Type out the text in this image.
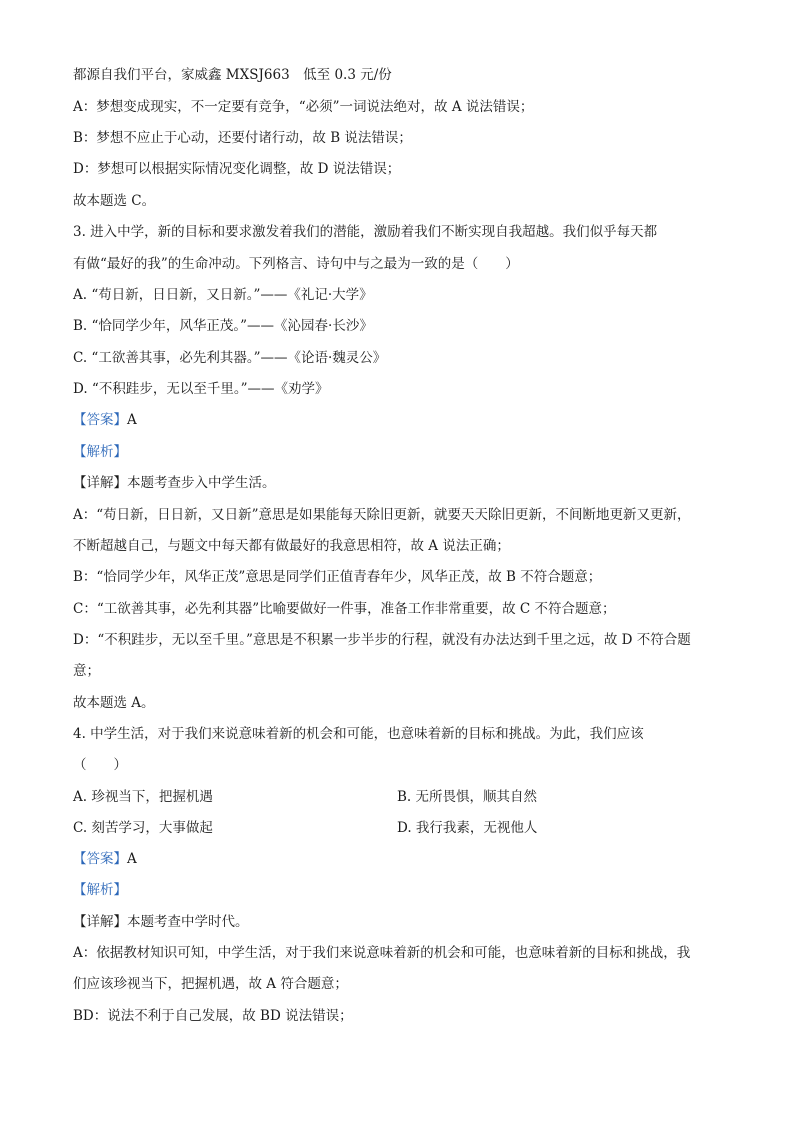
都源自我们平台，家威鑫 MXSJ663　低至 0.3 元/份
A：梦想变成现实，不一定要有竞争，“必须”一词说法绝对，故 A 说法错误；
B：梦想不应止于心动，还要付诸行动，故 B 说法错误；
D：梦想可以根据实际情况变化调整，故 D 说法错误；
故本题选 C。
3. 进入中学，新的目标和要求激发着我们的潜能，激励着我们不断实现自我超越。我们似乎每天都
有做“最好的我”的生命冲动。下列格言、诗句中与之最为一致的是（　　）
A. “苟日新，日日新，又日新。”——《礼记·大学》
B. “恰同学少年，风华正茂。”——《沁园春·长沙》
C. “工欲善其事，必先利其器。”——《论语·魏灵公》
D. “不积跬步，无以至千里。”——《劝学》
【答案】A
【解析】
【详解】本题考查步入中学生活。
A：“苟日新，日日新，又日新”意思是如果能每天除旧更新，就要天天除旧更新，不间断地更新又更新，
不断超越自己，与题文中每天都有做最好的我意思相符，故 A 说法正确；
B：“恰同学少年，风华正茂”意思是同学们正值青春年少，风华正茂，故 B 不符合题意；
C：“工欲善其事，必先利其器”比喻要做好一件事，准备工作非常重要，故 C 不符合题意；
D：“不积跬步，无以至千里。”意思是不积累一步半步的行程，就没有办法达到千里之远，故 D 不符合题
意；
故本题选 A。
4. 中学生活，对于我们来说意味着新的机会和可能，也意味着新的目标和挑战。为此，我们应该
（　　）
A. 珍视当下，把握机遇	B. 无所畏惧，顺其自然
C. 刻苦学习，大事做起	D. 我行我素，无视他人
【答案】A
【解析】
【详解】本题考查中学时代。
A：依据教材知识可知，中学生活，对于我们来说意味着新的机会和可能，也意味着新的目标和挑战，我
们应该珍视当下，把握机遇，故 A 符合题意；
BD：说法不利于自己发展，故 BD 说法错误；
